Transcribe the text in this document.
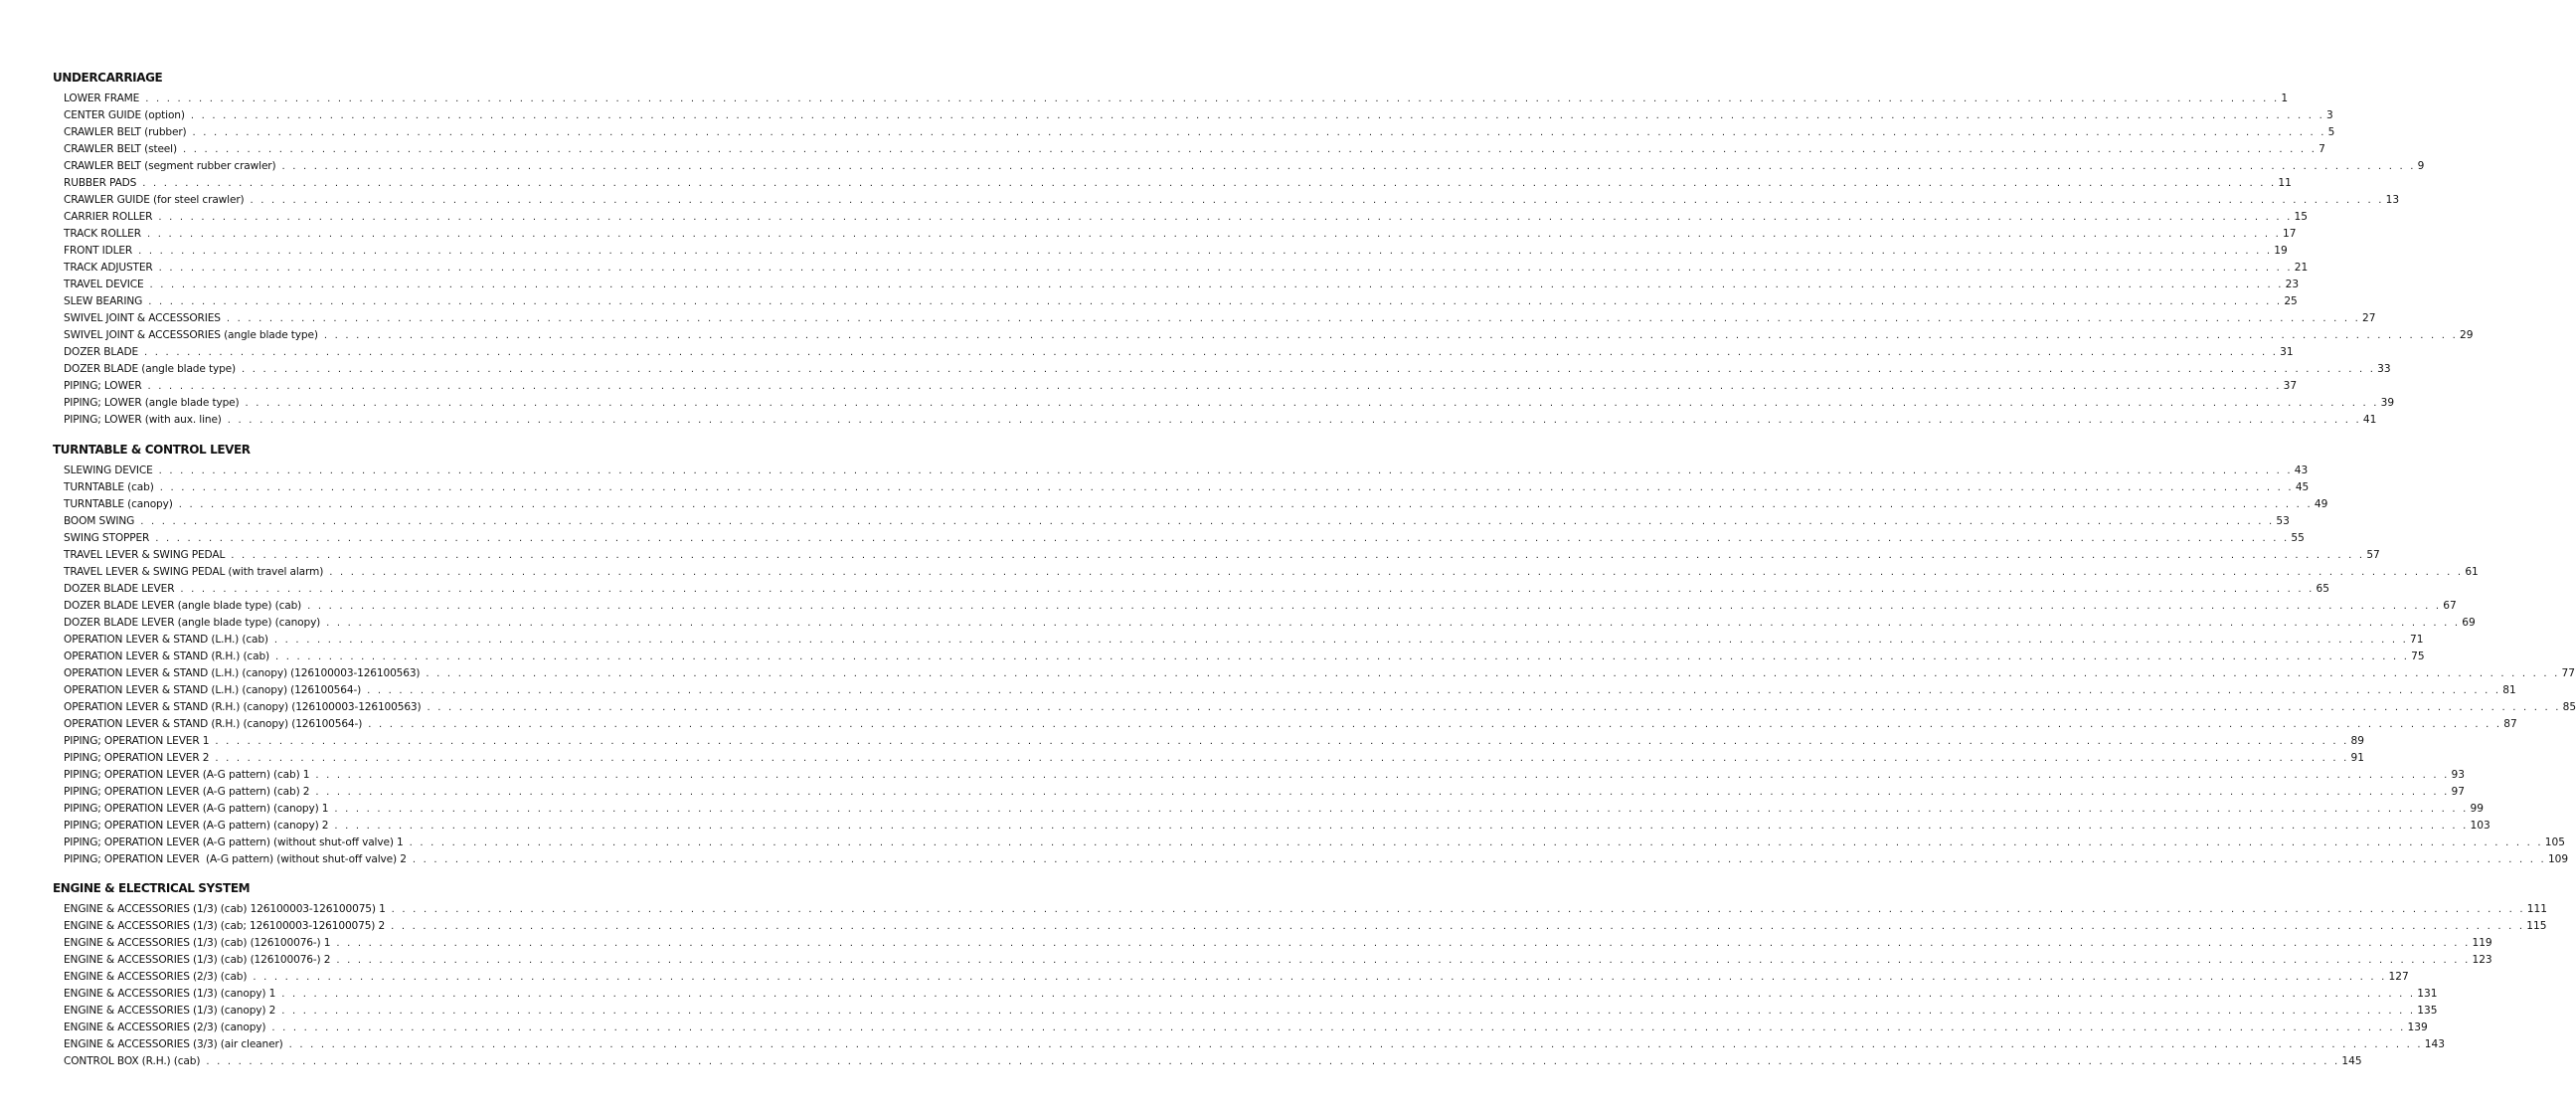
UNDERCARRIAGE
LOWER FRAME . . . . . . . . . . . . . . . . . . . . . . . . . . . . . . . . . . . . . . . . . . . . . . . . . . . . . . . . . . . . . . . . . . . . . . . . . . . . . . . . . . . . . . . . . . . . . . . . . . . . . . . . . . . . . . . . . . . . . . . . . . . . . . . . . . . . . . . . . . . . . . . . . . . . . . . . . . . . . . . . . . . . . . . . . . . . . . . . . . . . . . . . . . . . . . . . . . . . . . . . 1
CENTER GUIDE (option) . . . . . . . . . . . . . . . . . . . . . . . . . . . . . . . . . . . . . . . . . . . . . . . . . . . . . . . . . . . . . . . . . . . . . . . . . . . . . . . . . . . . . . . . . . . . . . . . . . . . . . . . . . . . . . . . . . . . . . . . . . . . . . . . . . . . . . . . . . . . . . . . . . . . . . . . . . . . . . . . . . . . . . . . . . . . . . . . . . . . . . . . . . . . . . . . . . . . . . . . 3
CRAWLER BELT (rubber) . . . . . . . . . . . . . . . . . . . . . . . . . . . . . . . . . . . . . . . . . . . . . . . . . . . . . . . . . . . . . . . . . . . . . . . . . . . . . . . . . . . . . . . . . . . . . . . . . . . . . . . . . . . . . . . . . . . . . . . . . . . . . . . . . . . . . . . . . . . . . . . . . . . . . . . . . . . . . . . . . . . . . . . . . . . . . . . . . . . . . . . . . . . . . . . . . . . . . . . . 5
CRAWLER BELT (steel) . . . . . . . . . . . . . . . . . . . . . . . . . . . . . . . . . . . . . . . . . . . . . . . . . . . . . . . . . . . . . . . . . . . . . . . . . . . . . . . . . . . . . . . . . . . . . . . . . . . . . . . . . . . . . . . . . . . . . . . . . . . . . . . . . . . . . . . . . . . . . . . . . . . . . . . . . . . . . . . . . . . . . . . . . . . . . . . . . . . . . . . . . . . . . . . . . . . . . . . . 7
CRAWLER BELT (segment rubber crawler) . . . . . . . . . . . . . . . . . . . . . . . . . . . . . . . . . . . . . . . . . . . . . . . . . . . . . . . . . . . . . . . . . . . . . . . . . . . . . . . . . . . . . . . . . . . . . . . . . . . . . . . . . . . . . . . . . . . . . . . . . . . . . . . . . . . . . . . . . . . . . . . . . . . . . . . . . . . . . . . . . . . . . . . . . . . . . . . . . . . . . . . . . . . . . . . . . . . . . . . . 9
RUBBER PADS . . . . . . . . . . . . . . . . . . . . . . . . . . . . . . . . . . . . . . . . . . . . . . . . . . . . . . . . . . . . . . . . . . . . . . . . . . . . . . . . . . . . . . . . . . . . . . . . . . . . . . . . . . . . . . . . . . . . . . . . . . . . . . . . . . . . . . . . . . . . . . . . . . . . . . . . . . . . . . . . . . . . . . . . . . . . . . . . . . . . . . . . . . . . . . . . . . . . . . . . 11
CRAWLER GUIDE (for steel crawler) . . . . . . . . . . . . . . . . . . . . . . . . . . . . . . . . . . . . . . . . . . . . . . . . . . . . . . . . . . . . . . . . . . . . . . . . . . . . . . . . . . . . . . . . . . . . . . . . . . . . . . . . . . . . . . . . . . . . . . . . . . . . . . . . . . . . . . . . . . . . . . . . . . . . . . . . . . . . . . . . . . . . . . . . . . . . . . . . . . . . . . . . . . . . . . . . . . . . . . . . 13
CARRIER ROLLER . . . . . . . . . . . . . . . . . . . . . . . . . . . . . . . . . . . . . . . . . . . . . . . . . . . . . . . . . . . . . . . . . . . . . . . . . . . . . . . . . . . . . . . . . . . . . . . . . . . . . . . . . . . . . . . . . . . . . . . . . . . . . . . . . . . . . . . . . . . . . . . . . . . . . . . . . . . . . . . . . . . . . . . . . . . . . . . . . . . . . . . . . . . . . . . . . . . . . . . . 15
TRACK ROLLER . . . . . . . . . . . . . . . . . . . . . . . . . . . . . . . . . . . . . . . . . . . . . . . . . . . . . . . . . . . . . . . . . . . . . . . . . . . . . . . . . . . . . . . . . . . . . . . . . . . . . . . . . . . . . . . . . . . . . . . . . . . . . . . . . . . . . . . . . . . . . . . . . . . . . . . . . . . . . . . . . . . . . . . . . . . . . . . . . . . . . . . . . . . . . . . . . . . . . . . . 17
FRONT IDLER . . . . . . . . . . . . . . . . . . . . . . . . . . . . . . . . . . . . . . . . . . . . . . . . . . . . . . . . . . . . . . . . . . . . . . . . . . . . . . . . . . . . . . . . . . . . . . . . . . . . . . . . . . . . . . . . . . . . . . . . . . . . . . . . . . . . . . . . . . . . . . . . . . . . . . . . . . . . . . . . . . . . . . . . . . . . . . . . . . . . . . . . . . . . . . . . . . . . . . . . 19
TRACK ADJUSTER . . . . . . . . . . . . . . . . . . . . . . . . . . . . . . . . . . . . . . . . . . . . . . . . . . . . . . . . . . . . . . . . . . . . . . . . . . . . . . . . . . . . . . . . . . . . . . . . . . . . . . . . . . . . . . . . . . . . . . . . . . . . . . . . . . . . . . . . . . . . . . . . . . . . . . . . . . . . . . . . . . . . . . . . . . . . . . . . . . . . . . . . . . . . . . . . . . . . . . . . 21
TRAVEL DEVICE . . . . . . . . . . . . . . . . . . . . . . . . . . . . . . . . . . . . . . . . . . . . . . . . . . . . . . . . . . . . . . . . . . . . . . . . . . . . . . . . . . . . . . . . . . . . . . . . . . . . . . . . . . . . . . . . . . . . . . . . . . . . . . . . . . . . . . . . . . . . . . . . . . . . . . . . . . . . . . . . . . . . . . . . . . . . . . . . . . . . . . . . . . . . . . . . . . . . . . . . 23
SLEW BEARING . . . . . . . . . . . . . . . . . . . . . . . . . . . . . . . . . . . . . . . . . . . . . . . . . . . . . . . . . . . . . . . . . . . . . . . . . . . . . . . . . . . . . . . . . . . . . . . . . . . . . . . . . . . . . . . . . . . . . . . . . . . . . . . . . . . . . . . . . . . . . . . . . . . . . . . . . . . . . . . . . . . . . . . . . . . . . . . . . . . . . . . . . . . . . . . . . . . . . . . . 25
SWIVEL JOINT & ACCESSORIES . . . . . . . . . . . . . . . . . . . . . . . . . . . . . . . . . . . . . . . . . . . . . . . . . . . . . . . . . . . . . . . . . . . . . . . . . . . . . . . . . . . . . . . . . . . . . . . . . . . . . . . . . . . . . . . . . . . . . . . . . . . . . . . . . . . . . . . . . . . . . . . . . . . . . . . . . . . . . . . . . . . . . . . . . . . . . . . . . . . . . . . . . . . . . . . . . . . . . . . . 27
SWIVEL JOINT & ACCESSORIES (angle blade type) . . . . . . . . . . . . . . . . . . . . . . . . . . . . . . . . . . . . . . . . . . . . . . . . . . . . . . . . . . . . . . . . . . . . . . . . . . . . . . . . . . . . . . . . . . . . . . . . . . . . . . . . . . . . . . . . . . . . . . . . . . . . . . . . . . . . . . . . . . . . . . . . . . . . . . . . . . . . . . . . . . . . . . . . . . . . . . . . . . . . . . . . . . . . . . . . . . . . . . . . 29
DOZER BLADE . . . . . . . . . . . . . . . . . . . . . . . . . . . . . . . . . . . . . . . . . . . . . . . . . . . . . . . . . . . . . . . . . . . . . . . . . . . . . . . . . . . . . . . . . . . . . . . . . . . . . . . . . . . . . . . . . . . . . . . . . . . . . . . . . . . . . . . . . . . . . . . . . . . . . . . . . . . . . . . . . . . . . . . . . . . . . . . . . . . . . . . . . . . . . . . . . . . . . . . . 31
DOZER BLADE (angle blade type) . . . . . . . . . . . . . . . . . . . . . . . . . . . . . . . . . . . . . . . . . . . . . . . . . . . . . . . . . . . . . . . . . . . . . . . . . . . . . . . . . . . . . . . . . . . . . . . . . . . . . . . . . . . . . . . . . . . . . . . . . . . . . . . . . . . . . . . . . . . . . . . . . . . . . . . . . . . . . . . . . . . . . . . . . . . . . . . . . . . . . . . . . . . . . . . . . . . . . . . . 33
PIPING; LOWER . . . . . . . . . . . . . . . . . . . . . . . . . . . . . . . . . . . . . . . . . . . . . . . . . . . . . . . . . . . . . . . . . . . . . . . . . . . . . . . . . . . . . . . . . . . . . . . . . . . . . . . . . . . . . . . . . . . . . . . . . . . . . . . . . . . . . . . . . . . . . . . . . . . . . . . . . . . . . . . . . . . . . . . . . . . . . . . . . . . . . . . . . . . . . . . . . . . . . . . . 37
PIPING; LOWER (angle blade type) . . . . . . . . . . . . . . . . . . . . . . . . . . . . . . . . . . . . . . . . . . . . . . . . . . . . . . . . . . . . . . . . . . . . . . . . . . . . . . . . . . . . . . . . . . . . . . . . . . . . . . . . . . . . . . . . . . . . . . . . . . . . . . . . . . . . . . . . . . . . . . . . . . . . . . . . . . . . . . . . . . . . . . . . . . . . . . . . . . . . . . . . . . . . . . . . . . . . . . . . 39
PIPING; LOWER (with aux. line) . . . . . . . . . . . . . . . . . . . . . . . . . . . . . . . . . . . . . . . . . . . . . . . . . . . . . . . . . . . . . . . . . . . . . . . . . . . . . . . . . . . . . . . . . . . . . . . . . . . . . . . . . . . . . . . . . . . . . . . . . . . . . . . . . . . . . . . . . . . . . . . . . . . . . . . . . . . . . . . . . . . . . . . . . . . . . . . . . . . . . . . . . . . . . . . . . . . . . . . . 41
TURNTABLE & CONTROL LEVER
SLEWING DEVICE . . . . . . . . . . . . . . . . . . . . . . . . . . . . . . . . . . . . . . . . . . . . . . . . . . . . . . . . . . . . . . . . . . . . . . . . . . . . . . . . . . . . . . . . . . . . . . . . . . . . . . . . . . . . . . . . . . . . . . . . . . . . . . . . . . . . . . . . . . . . . . . . . . . . . . . . . . . . . . . . . . . . . . . . . . . . . . . . . . . . . . . . . . . . . . . . . . . . . . . . 43
TURNTABLE (cab) . . . . . . . . . . . . . . . . . . . . . . . . . . . . . . . . . . . . . . . . . . . . . . . . . . . . . . . . . . . . . . . . . . . . . . . . . . . . . . . . . . . . . . . . . . . . . . . . . . . . . . . . . . . . . . . . . . . . . . . . . . . . . . . . . . . . . . . . . . . . . . . . . . . . . . . . . . . . . . . . . . . . . . . . . . . . . . . . . . . . . . . . . . . . . . . . . . . . . . . . 45
TURNTABLE (canopy) . . . . . . . . . . . . . . . . . . . . . . . . . . . . . . . . . . . . . . . . . . . . . . . . . . . . . . . . . . . . . . . . . . . . . . . . . . . . . . . . . . . . . . . . . . . . . . . . . . . . . . . . . . . . . . . . . . . . . . . . . . . . . . . . . . . . . . . . . . . . . . . . . . . . . . . . . . . . . . . . . . . . . . . . . . . . . . . . . . . . . . . . . . . . . . . . . . . . . . . . 49
BOOM SWING . . . . . . . . . . . . . . . . . . . . . . . . . . . . . . . . . . . . . . . . . . . . . . . . . . . . . . . . . . . . . . . . . . . . . . . . . . . . . . . . . . . . . . . . . . . . . . . . . . . . . . . . . . . . . . . . . . . . . . . . . . . . . . . . . . . . . . . . . . . . . . . . . . . . . . . . . . . . . . . . . . . . . . . . . . . . . . . . . . . . . . . . . . . . . . . . . . . . . . . . 53
SWING STOPPER . . . . . . . . . . . . . . . . . . . . . . . . . . . . . . . . . . . . . . . . . . . . . . . . . . . . . . . . . . . . . . . . . . . . . . . . . . . . . . . . . . . . . . . . . . . . . . . . . . . . . . . . . . . . . . . . . . . . . . . . . . . . . . . . . . . . . . . . . . . . . . . . . . . . . . . . . . . . . . . . . . . . . . . . . . . . . . . . . . . . . . . . . . . . . . . . . . . . . . . . 55
TRAVEL LEVER & SWING PEDAL . . . . . . . . . . . . . . . . . . . . . . . . . . . . . . . . . . . . . . . . . . . . . . . . . . . . . . . . . . . . . . . . . . . . . . . . . . . . . . . . . . . . . . . . . . . . . . . . . . . . . . . . . . . . . . . . . . . . . . . . . . . . . . . . . . . . . . . . . . . . . . . . . . . . . . . . . . . . . . . . . . . . . . . . . . . . . . . . . . . . . . . . . . . . . . . . . . . . . . . . 57
TRAVEL LEVER & SWING PEDAL (with travel alarm) . . . . . . . . . . . . . . . . . . . . . . . . . . . . . . . . . . . . . . . . . . . . . . . . . . . . . . . . . . . . . . . . . . . . . . . . . . . . . . . . . . . . . . . . . . . . . . . . . . . . . . . . . . . . . . . . . . . . . . . . . . . . . . . . . . . . . . . . . . . . . . . . . . . . . . . . . . . . . . . . . . . . . . . . . . . . . . . . . . . . . . . . . . . . . . . . . . . . . . . . 61
DOZER BLADE LEVER . . . . . . . . . . . . . . . . . . . . . . . . . . . . . . . . . . . . . . . . . . . . . . . . . . . . . . . . . . . . . . . . . . . . . . . . . . . . . . . . . . . . . . . . . . . . . . . . . . . . . . . . . . . . . . . . . . . . . . . . . . . . . . . . . . . . . . . . . . . . . . . . . . . . . . . . . . . . . . . . . . . . . . . . . . . . . . . . . . . . . . . . . . . . . . . . . . . . . . . . 65
DOZER BLADE LEVER (angle blade type) (cab) . . . . . . . . . . . . . . . . . . . . . . . . . . . . . . . . . . . . . . . . . . . . . . . . . . . . . . . . . . . . . . . . . . . . . . . . . . . . . . . . . . . . . . . . . . . . . . . . . . . . . . . . . . . . . . . . . . . . . . . . . . . . . . . . . . . . . . . . . . . . . . . . . . . . . . . . . . . . . . . . . . . . . . . . . . . . . . . . . . . . . . . . . . . . . . . . . . . . . . . . 67
DOZER BLADE LEVER (angle blade type) (canopy) . . . . . . . . . . . . . . . . . . . . . . . . . . . . . . . . . . . . . . . . . . . . . . . . . . . . . . . . . . . . . . . . . . . . . . . . . . . . . . . . . . . . . . . . . . . . . . . . . . . . . . . . . . . . . . . . . . . . . . . . . . . . . . . . . . . . . . . . . . . . . . . . . . . . . . . . . . . . . . . . . . . . . . . . . . . . . . . . . . . . . . . . . . . . . . . . . . . . . . . . 69
OPERATION LEVER & STAND (L.H.) (cab) . . . . . . . . . . . . . . . . . . . . . . . . . . . . . . . . . . . . . . . . . . . . . . . . . . . . . . . . . . . . . . . . . . . . . . . . . . . . . . . . . . . . . . . . . . . . . . . . . . . . . . . . . . . . . . . . . . . . . . . . . . . . . . . . . . . . . . . . . . . . . . . . . . . . . . . . . . . . . . . . . . . . . . . . . . . . . . . . . . . . . . . . . . . . . . . . . . . . . . . . 71
OPERATION LEVER & STAND (R.H.) (cab) . . . . . . . . . . . . . . . . . . . . . . . . . . . . . . . . . . . . . . . . . . . . . . . . . . . . . . . . . . . . . . . . . . . . . . . . . . . . . . . . . . . . . . . . . . . . . . . . . . . . . . . . . . . . . . . . . . . . . . . . . . . . . . . . . . . . . . . . . . . . . . . . . . . . . . . . . . . . . . . . . . . . . . . . . . . . . . . . . . . . . . . . . . . . . . . . . . . . . . . . 75
OPERATION LEVER & STAND (L.H.) (canopy) (126100003-126100563) . . . . . . . . . . . . . . . . . . . . . . . . . . . . . . . . . . . . . . . . . . . . . . . . . . . . . . . . . . . . . . . . . . . . . . . . . . . . . . . . . . . . . . . . . . . . . . . . . . . . . . . . . . . . . . . . . . . . . . . . . . . . . . . . . . . . . . . . . . . . . . . . . . . . . . . . . . . . . . . . . . . . . . . . . . . . . . . . . . . . . . . . . . . . . . . . . . . . . . . . 77
OPERATION LEVER & STAND (L.H.) (canopy) (126100564-) . . . . . . . . . . . . . . . . . . . . . . . . . . . . . . . . . . . . . . . . . . . . . . . . . . . . . . . . . . . . . . . . . . . . . . . . . . . . . . . . . . . . . . . . . . . . . . . . . . . . . . . . . . . . . . . . . . . . . . . . . . . . . . . . . . . . . . . . . . . . . . . . . . . . . . . . . . . . . . . . . . . . . . . . . . . . . . . . . . . . . . . . . . . . . . . . . . . . . . . . 81
OPERATION LEVER & STAND (R.H.) (canopy) (126100003-126100563) . . . . . . . . . . . . . . . . . . . . . . . . . . . . . . . . . . . . . . . . . . . . . . . . . . . . . . . . . . . . . . . . . . . . . . . . . . . . . . . . . . . . . . . . . . . . . . . . . . . . . . . . . . . . . . . . . . . . . . . . . . . . . . . . . . . . . . . . . . . . . . . . . . . . . . . . . . . . . . . . . . . . . . . . . . . . . . . . . . . . . . . . . . . . . . . . . . . . . . . . 85
OPERATION LEVER & STAND (R.H.) (canopy) (126100564-) . . . . . . . . . . . . . . . . . . . . . . . . . . . . . . . . . . . . . . . . . . . . . . . . . . . . . . . . . . . . . . . . . . . . . . . . . . . . . . . . . . . . . . . . . . . . . . . . . . . . . . . . . . . . . . . . . . . . . . . . . . . . . . . . . . . . . . . . . . . . . . . . . . . . . . . . . . . . . . . . . . . . . . . . . . . . . . . . . . . . . . . . . . . . . . . . . . . . . . . . 87
PIPING; OPERATION LEVER 1 . . . . . . . . . . . . . . . . . . . . . . . . . . . . . . . . . . . . . . . . . . . . . . . . . . . . . . . . . . . . . . . . . . . . . . . . . . . . . . . . . . . . . . . . . . . . . . . . . . . . . . . . . . . . . . . . . . . . . . . . . . . . . . . . . . . . . . . . . . . . . . . . . . . . . . . . . . . . . . . . . . . . . . . . . . . . . . . . . . . . . . . . . . . . . . . . . . . . . . . . 89
PIPING; OPERATION LEVER 2 . . . . . . . . . . . . . . . . . . . . . . . . . . . . . . . . . . . . . . . . . . . . . . . . . . . . . . . . . . . . . . . . . . . . . . . . . . . . . . . . . . . . . . . . . . . . . . . . . . . . . . . . . . . . . . . . . . . . . . . . . . . . . . . . . . . . . . . . . . . . . . . . . . . . . . . . . . . . . . . . . . . . . . . . . . . . . . . . . . . . . . . . . . . . . . . . . . . . . . . . 91
PIPING; OPERATION LEVER (A-G pattern) (cab) 1 . . . . . . . . . . . . . . . . . . . . . . . . . . . . . . . . . . . . . . . . . . . . . . . . . . . . . . . . . . . . . . . . . . . . . . . . . . . . . . . . . . . . . . . . . . . . . . . . . . . . . . . . . . . . . . . . . . . . . . . . . . . . . . . . . . . . . . . . . . . . . . . . . . . . . . . . . . . . . . . . . . . . . . . . . . . . . . . . . . . . . . . . . . . . . . . . . . . . . . . . 93
PIPING; OPERATION LEVER (A-G pattern) (cab) 2 . . . . . . . . . . . . . . . . . . . . . . . . . . . . . . . . . . . . . . . . . . . . . . . . . . . . . . . . . . . . . . . . . . . . . . . . . . . . . . . . . . . . . . . . . . . . . . . . . . . . . . . . . . . . . . . . . . . . . . . . . . . . . . . . . . . . . . . . . . . . . . . . . . . . . . . . . . . . . . . . . . . . . . . . . . . . . . . . . . . . . . . . . . . . . . . . . . . . . . . . 97
PIPING; OPERATION LEVER (A-G pattern) (canopy) 1 . . . . . . . . . . . . . . . . . . . . . . . . . . . . . . . . . . . . . . . . . . . . . . . . . . . . . . . . . . . . . . . . . . . . . . . . . . . . . . . . . . . . . . . . . . . . . . . . . . . . . . . . . . . . . . . . . . . . . . . . . . . . . . . . . . . . . . . . . . . . . . . . . . . . . . . . . . . . . . . . . . . . . . . . . . . . . . . . . . . . . . . . . . . . . . . . . . . . . . . . 99
PIPING; OPERATION LEVER (A-G pattern) (canopy) 2 . . . . . . . . . . . . . . . . . . . . . . . . . . . . . . . . . . . . . . . . . . . . . . . . . . . . . . . . . . . . . . . . . . . . . . . . . . . . . . . . . . . . . . . . . . . . . . . . . . . . . . . . . . . . . . . . . . . . . . . . . . . . . . . . . . . . . . . . . . . . . . . . . . . . . . . . . . . . . . . . . . . . . . . . . . . . . . . . . . . . . . . . . . . . . . . . . . . . . . . . 103
PIPING; OPERATION LEVER (A-G pattern) (without shut-off valve) 1 . . . . . . . . . . . . . . . . . . . . . . . . . . . . . . . . . . . . . . . . . . . . . . . . . . . . . . . . . . . . . . . . . . . . . . . . . . . . . . . . . . . . . . . . . . . . . . . . . . . . . . . . . . . . . . . . . . . . . . . . . . . . . . . . . . . . . . . . . . . . . . . . . . . . . . . . . . . . . . . . . . . . . . . . . . . . . . . . . . . . . . . . . . . . . . . . . . . . . . . . 105
PIPING; OPERATION LEVER  (A-G pattern) (without shut-off valve) 2 . . . . . . . . . . . . . . . . . . . . . . . . . . . . . . . . . . . . . . . . . . . . . . . . . . . . . . . . . . . . . . . . . . . . . . . . . . . . . . . . . . . . . . . . . . . . . . . . . . . . . . . . . . . . . . . . . . . . . . . . . . . . . . . . . . . . . . . . . . . . . . . . . . . . . . . . . . . . . . . . . . . . . . . . . . . . . . . . . . . . . . . . . . . . . . . . . . . . . . . . 109
ENGINE & ELECTRICAL SYSTEM
ENGINE & ACCESSORIES (1/3) (cab) 126100003-126100075) 1 . . . . . . . . . . . . . . . . . . . . . . . . . . . . . . . . . . . . . . . . . . . . . . . . . . . . . . . . . . . . . . . . . . . . . . . . . . . . . . . . . . . . . . . . . . . . . . . . . . . . . . . . . . . . . . . . . . . . . . . . . . . . . . . . . . . . . . . . . . . . . . . . . . . . . . . . . . . . . . . . . . . . . . . . . . . . . . . . . . . . . . . . . . . . . . . . . . . . . . . . 111
ENGINE & ACCESSORIES (1/3) (cab; 126100003-126100075) 2 . . . . . . . . . . . . . . . . . . . . . . . . . . . . . . . . . . . . . . . . . . . . . . . . . . . . . . . . . . . . . . . . . . . . . . . . . . . . . . . . . . . . . . . . . . . . . . . . . . . . . . . . . . . . . . . . . . . . . . . . . . . . . . . . . . . . . . . . . . . . . . . . . . . . . . . . . . . . . . . . . . . . . . . . . . . . . . . . . . . . . . . . . . . . . . . . . . . . . . . . 115
ENGINE & ACCESSORIES (1/3) (cab) (126100076-) 1 . . . . . . . . . . . . . . . . . . . . . . . . . . . . . . . . . . . . . . . . . . . . . . . . . . . . . . . . . . . . . . . . . . . . . . . . . . . . . . . . . . . . . . . . . . . . . . . . . . . . . . . . . . . . . . . . . . . . . . . . . . . . . . . . . . . . . . . . . . . . . . . . . . . . . . . . . . . . . . . . . . . . . . . . . . . . . . . . . . . . . . . . . . . . . . . . . . . . . . . . 119
ENGINE & ACCESSORIES (1/3) (cab) (126100076-) 2 . . . . . . . . . . . . . . . . . . . . . . . . . . . . . . . . . . . . . . . . . . . . . . . . . . . . . . . . . . . . . . . . . . . . . . . . . . . . . . . . . . . . . . . . . . . . . . . . . . . . . . . . . . . . . . . . . . . . . . . . . . . . . . . . . . . . . . . . . . . . . . . . . . . . . . . . . . . . . . . . . . . . . . . . . . . . . . . . . . . . . . . . . . . . . . . . . . . . . . . . 123
ENGINE & ACCESSORIES (2/3) (cab) . . . . . . . . . . . . . . . . . . . . . . . . . . . . . . . . . . . . . . . . . . . . . . . . . . . . . . . . . . . . . . . . . . . . . . . . . . . . . . . . . . . . . . . . . . . . . . . . . . . . . . . . . . . . . . . . . . . . . . . . . . . . . . . . . . . . . . . . . . . . . . . . . . . . . . . . . . . . . . . . . . . . . . . . . . . . . . . . . . . . . . . . . . . . . . . . . . . . . . . . 127
ENGINE & ACCESSORIES (1/3) (canopy) 1 . . . . . . . . . . . . . . . . . . . . . . . . . . . . . . . . . . . . . . . . . . . . . . . . . . . . . . . . . . . . . . . . . . . . . . . . . . . . . . . . . . . . . . . . . . . . . . . . . . . . . . . . . . . . . . . . . . . . . . . . . . . . . . . . . . . . . . . . . . . . . . . . . . . . . . . . . . . . . . . . . . . . . . . . . . . . . . . . . . . . . . . . . . . . . . . . . . . . . . . . 131
ENGINE & ACCESSORIES (1/3) (canopy) 2 . . . . . . . . . . . . . . . . . . . . . . . . . . . . . . . . . . . . . . . . . . . . . . . . . . . . . . . . . . . . . . . . . . . . . . . . . . . . . . . . . . . . . . . . . . . . . . . . . . . . . . . . . . . . . . . . . . . . . . . . . . . . . . . . . . . . . . . . . . . . . . . . . . . . . . . . . . . . . . . . . . . . . . . . . . . . . . . . . . . . . . . . . . . . . . . . . . . . . . . . 135
ENGINE & ACCESSORIES (2/3) (canopy) . . . . . . . . . . . . . . . . . . . . . . . . . . . . . . . . . . . . . . . . . . . . . . . . . . . . . . . . . . . . . . . . . . . . . . . . . . . . . . . . . . . . . . . . . . . . . . . . . . . . . . . . . . . . . . . . . . . . . . . . . . . . . . . . . . . . . . . . . . . . . . . . . . . . . . . . . . . . . . . . . . . . . . . . . . . . . . . . . . . . . . . . . . . . . . . . . . . . . . . . 139
ENGINE & ACCESSORIES (3/3) (air cleaner) . . . . . . . . . . . . . . . . . . . . . . . . . . . . . . . . . . . . . . . . . . . . . . . . . . . . . . . . . . . . . . . . . . . . . . . . . . . . . . . . . . . . . . . . . . . . . . . . . . . . . . . . . . . . . . . . . . . . . . . . . . . . . . . . . . . . . . . . . . . . . . . . . . . . . . . . . . . . . . . . . . . . . . . . . . . . . . . . . . . . . . . . . . . . . . . . . . . . . . . . 143
CONTROL BOX (R.H.) (cab) . . . . . . . . . . . . . . . . . . . . . . . . . . . . . . . . . . . . . . . . . . . . . . . . . . . . . . . . . . . . . . . . . . . . . . . . . . . . . . . . . . . . . . . . . . . . . . . . . . . . . . . . . . . . . . . . . . . . . . . . . . . . . . . . . . . . . . . . . . . . . . . . . . . . . . . . . . . . . . . . . . . . . . . . . . . . . . . . . . . . . . . . . . . . . . . . . . . . . . . . 145
